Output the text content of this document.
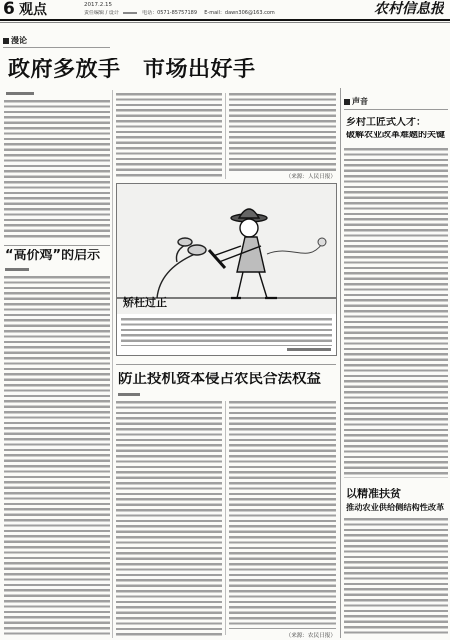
6 观点	2017.2.15
责任编辑 / 设计	电话：0571-85757189 E-mail：dawn306@163.com	农村信息报
漫论
政府多放手　市场出好手
（来源：人民日报）
“高价鸡”的启示
矫枉过正
防止投机资本侵占农民合法权益
（来源：农民日报）
声音
乡村工匠式人才：
破解农业改革难题的关键
以精准扶贫
推动农业供给侧结构性改革
